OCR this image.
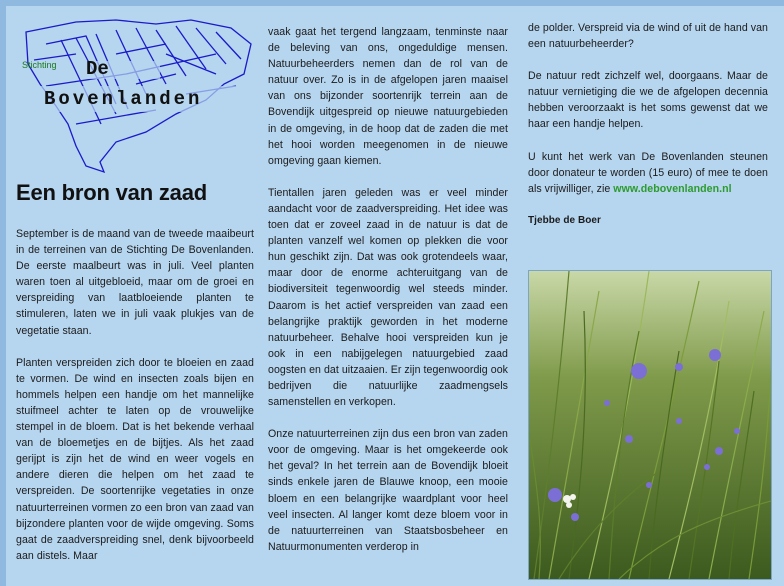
Stichting De
Bovenlanden
Een bron van zaad

September is de maand van de tweede maaibeurt in de terreinen van de Stichting De Bovenlanden. De eerste maalbeurt was in juli. Veel planten waren toen al uitgebloeid, maar om de groei en verspreiding van laatbloeiende planten te stimuleren, laten we in juli vaak plukjes van de vegetatie staan.

Planten verspreiden zich door te bloeien en zaad te vormen. De wind en insecten zoals bijen en hommels helpen een handje om het mannelijke stuifmeel achter te laten op de vrouwelijke stempel in de bloem. Dat is het bekende verhaal van de bloemetjes en de bijtjes. Als het zaad gerijpt is zijn het de wind en weer vogels en andere dieren die helpen om het zaad te verspreiden. De soortenrijke vegetaties in onze natuurterreinen vormen zo een bron van zaad van bijzondere planten voor de wijde omgeving. Soms gaat de zaadverspreiding snel, denk bijvoorbeeld aan distels. Maar

vaak gaat het tergend langzaam, tenminste naar de beleving van ons, ongeduldige mensen. Natuurbeheerders nemen dan de rol van de natuur over. Zo is in de afgelopen jaren maaisel van ons bijzonder soortenrijk terrein aan de Bovendijk uitgespreid op nieuwe natuurgebieden in de omgeving, in de hoop dat de zaden die met het hooi worden meegenomen in de nieuwe omgeving gaan kiemen.

Tientallen jaren geleden was er veel minder aandacht voor de zaadverspreiding. Het idee was toen dat er zoveel zaad in de natuur is dat de planten vanzelf wel komen op plekken die voor hun geschikt zijn. Dat was ook grotendeels waar, maar door de enorme achteruitgang van de biodiversiteit tegenwoordig wel steeds minder. Daarom is het actief verspreiden van zaad een belangrijke praktijk geworden in het moderne natuurbeheer. Behalve hooi verspreiden kun je ook in een nabijgelegen natuurgebied zaad oogsten en dat uitzaaien. Er zijn tegenwoordig ook bedrijven die natuurlijke zaadmengsels samenstellen en verkopen.

Onze natuurterreinen zijn dus een bron van zaden voor de omgeving. Maar is het omgekeerde ook het geval? In het terrein aan de Bovendijk bloeit sinds enkele jaren de Blauwe knoop, een mooie bloem en een belangrijke waardplant voor heel veel insecten. Al langer komt deze bloem voor in de natuurterreinen van Staatsbosbeheer en Natuurmonumenten verderop in

de polder. Verspreid via de wind of uit de hand van een natuurbeheerder?

De natuur redt zichzelf wel, doorgaans. Maar de natuur vernietiging die we de afgelopen decennia hebben veroorzaakt is het soms gewenst dat we haar een handje helpen.

U kunt het werk van De Bovenlanden steunen door donateur te worden (15 euro) of mee te doen als vrijwilliger, zie www.debovenlanden.nl

Tjebbe de Boer
